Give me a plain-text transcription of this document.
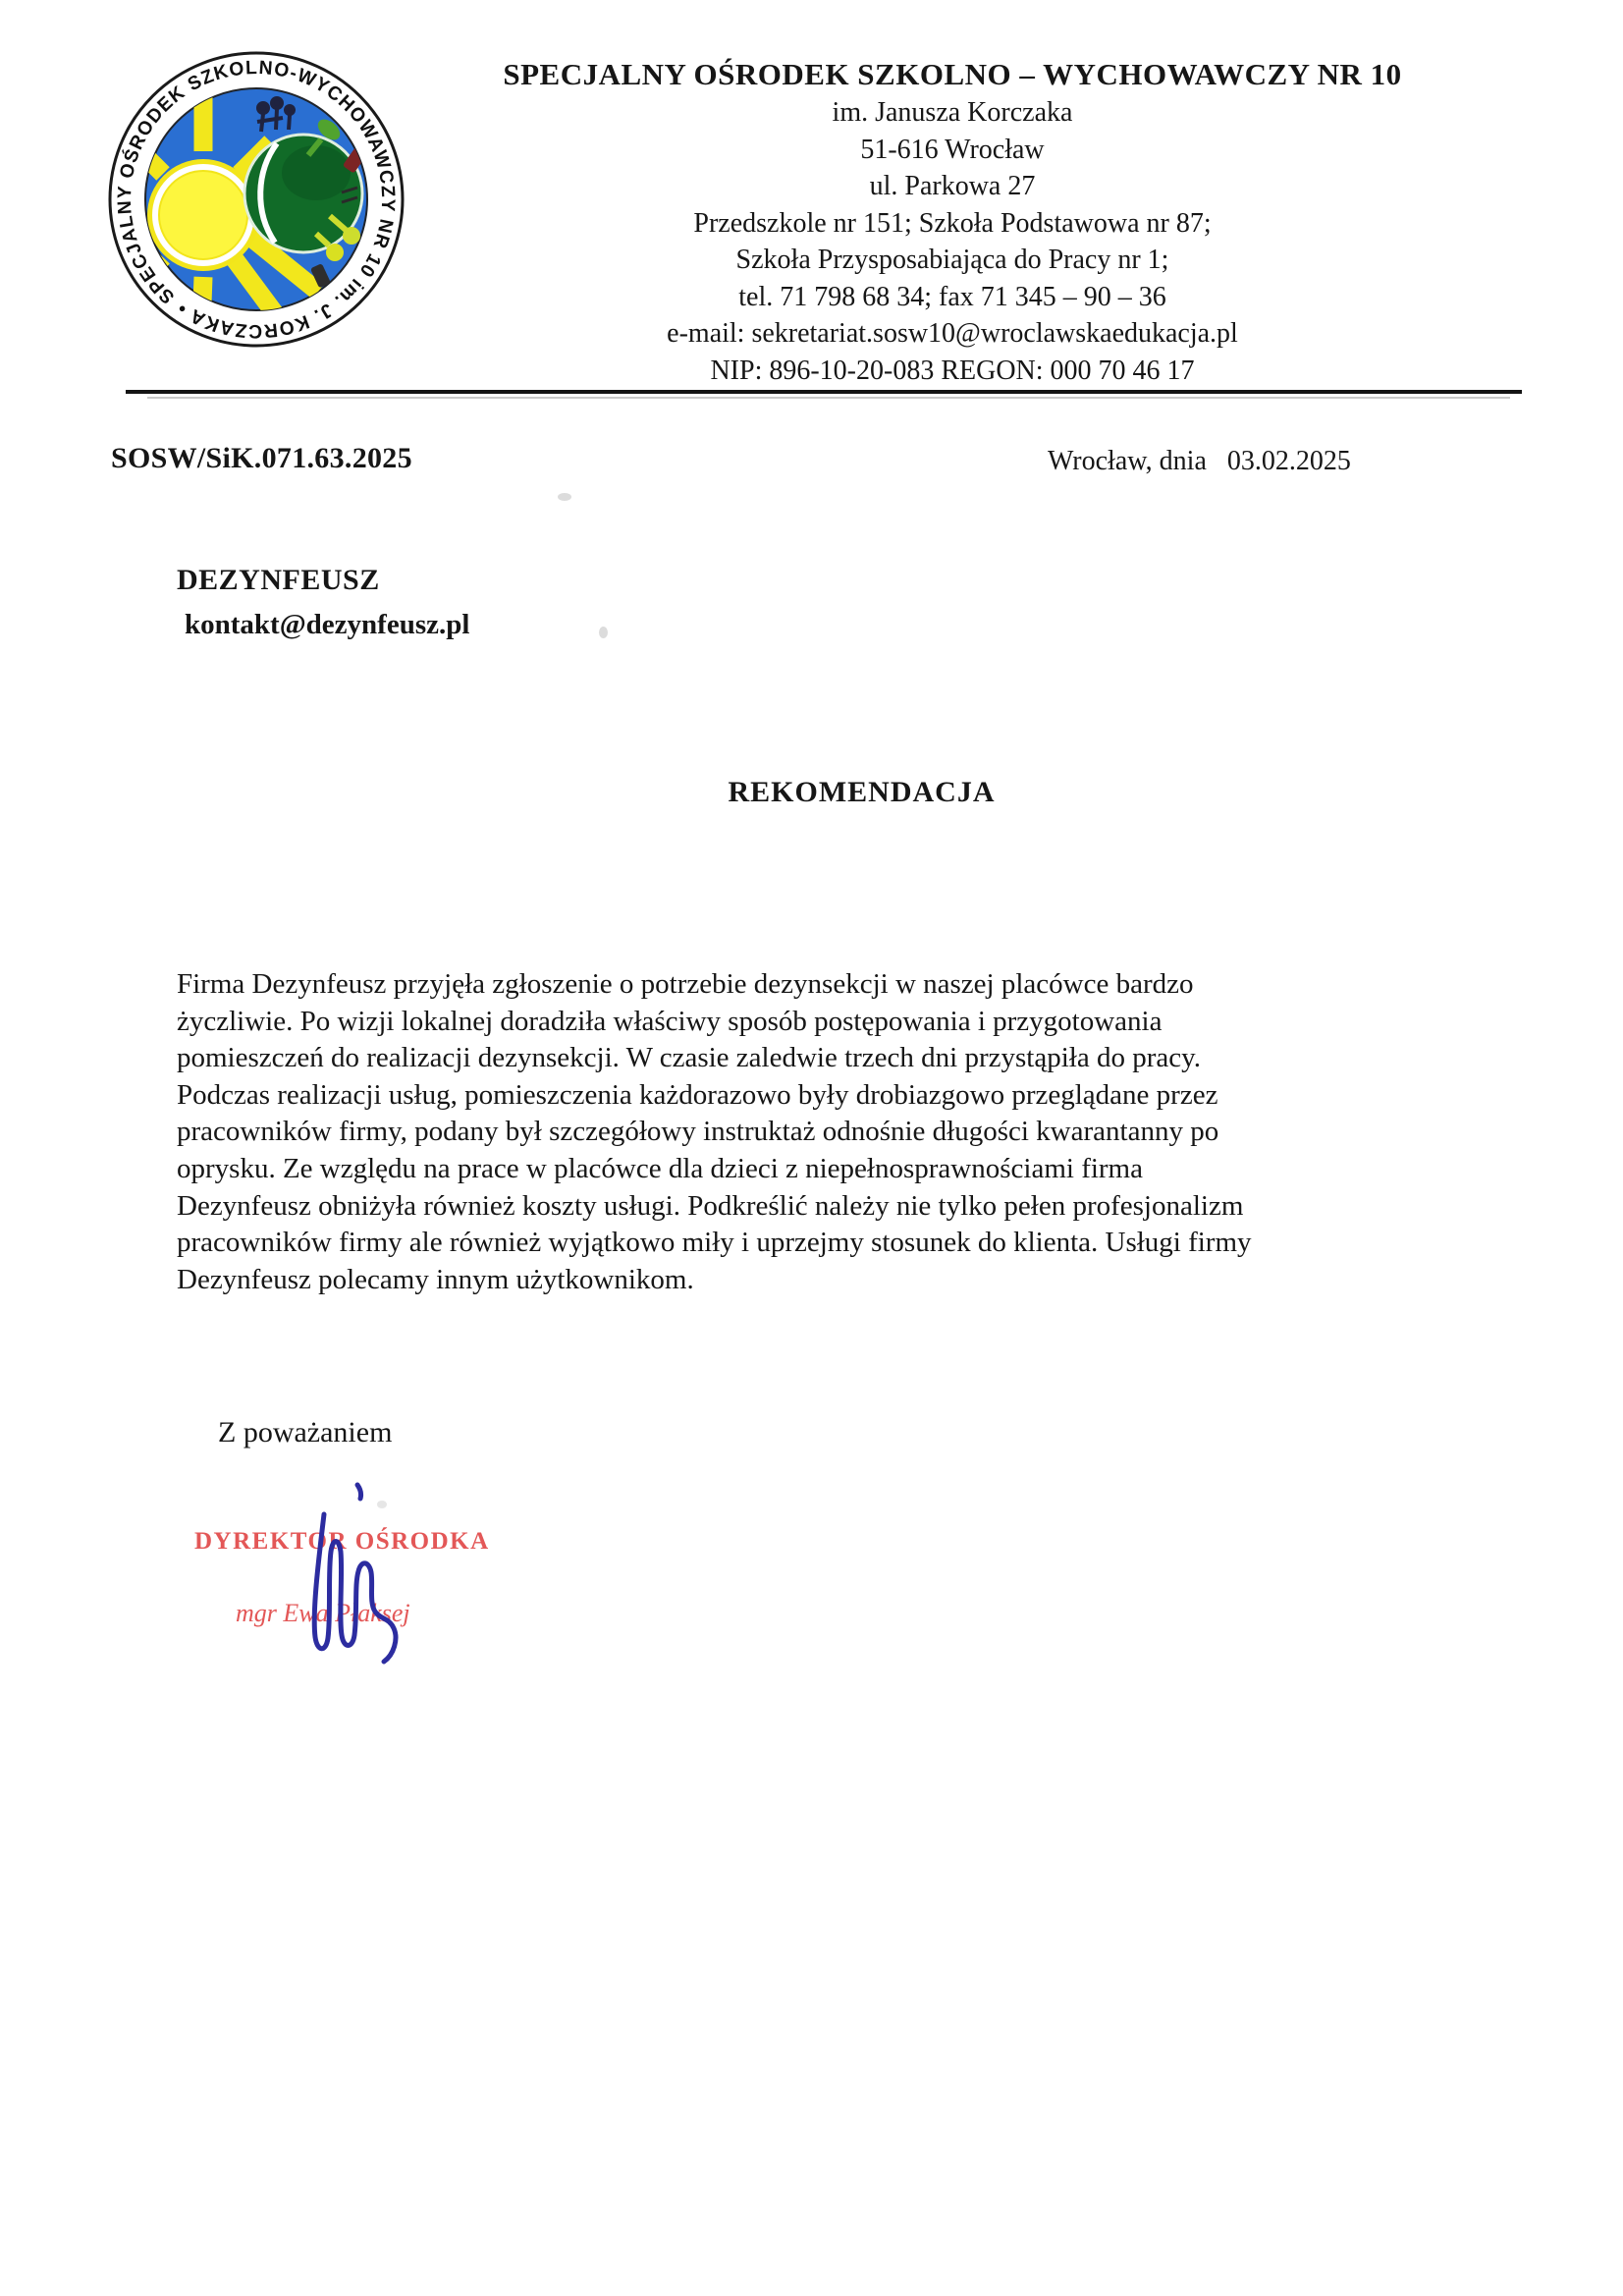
SPECJALNY OŚRODEK SZKOLNO-WYCHOWAWCZY NR 10 im. J. KORCZAKA •
SPECJALNY OŚRODEK SZKOLNO – WYCHOWAWCZY NR 10
im. Janusza Korczaka
51-616 Wrocław
ul. Parkowa 27
Przedszkole nr 151; Szkoła Podstawowa nr 87;
Szkoła Przysposabiająca do Pracy nr 1;
tel. 71 798 68 34; fax 71 345 – 90 – 36
e-mail: sekretariat.sosw10@wroclawskaedukacja.pl
NIP: 896-10-20-083 REGON: 000 70 46 17
SOSW/SiK.071.63.2025	Wrocław, dnia   03.02.2025
DEZYNFEUSZ
kontakt@dezynfeusz.pl
REKOMENDACJA
Firma Dezynfeusz przyjęła zgłoszenie o potrzebie dezynsekcji w naszej placówce bardzo
życzliwie. Po wizji lokalnej doradziła właściwy sposób postępowania i przygotowania
pomieszczeń do realizacji dezynsekcji. W czasie zaledwie trzech dni przystąpiła do pracy.
Podczas realizacji usług, pomieszczenia każdorazowo były drobiazgowo przeglądane przez
pracowników firmy, podany był szczegółowy instruktaż odnośnie długości kwarantanny po
oprysku. Ze względu na prace w placówce dla dzieci z niepełnosprawnościami firma
Dezynfeusz obniżyła również koszty usługi. Podkreślić należy nie tylko pełen profesjonalizm
pracowników firmy ale również wyjątkowo miły i uprzejmy stosunek do klienta. Usługi firmy
Dezynfeusz polecamy innym użytkownikom.
Z poważaniem
DYREKTOR OŚRODKA
mgr Ewa Płaksej
